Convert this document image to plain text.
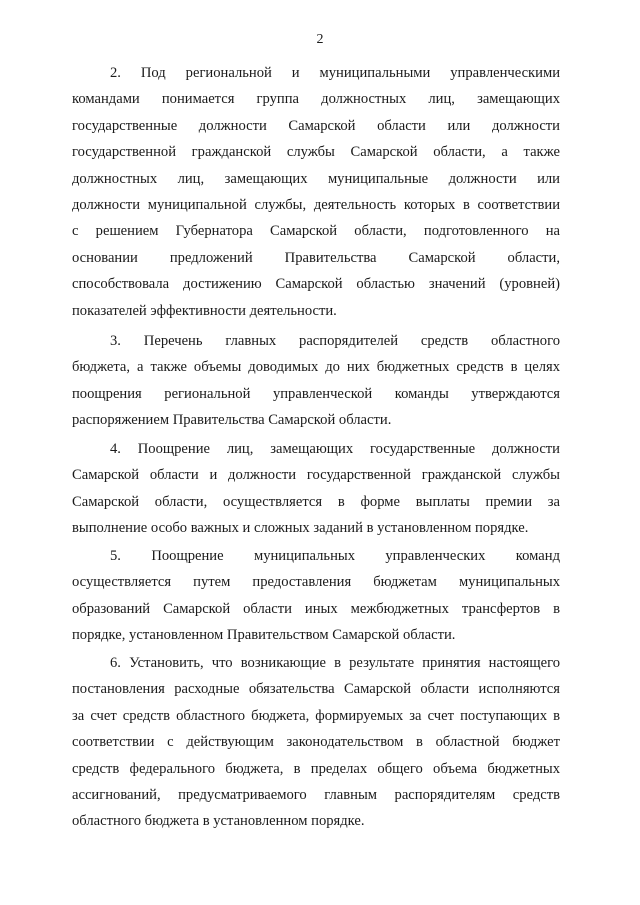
2
2. Под региональной и муниципальными управленческими
командами понимается группа должностных лиц, замещающих
государственные должности Самарской области или должности
государственной гражданской службы Самарской области, а также
должностных лиц, замещающих муниципальные должности или
должности муниципальной службы, деятельность которых в соответствии
с решением Губернатора Самарской области, подготовленного на
основании предложений Правительства Самарской области,
способствовала достижению Самарской областью значений (уровней)
показателей эффективности деятельности.
3. Перечень главных распорядителей средств областного
бюджета, а также объемы доводимых до них бюджетных средств в целях
поощрения региональной управленческой команды утверждаются
распоряжением Правительства Самарской области.
4. Поощрение лиц, замещающих государственные должности
Самарской области и должности государственной гражданской службы
Самарской области, осуществляется в форме выплаты премии за
выполнение особо важных и сложных заданий в установленном порядке.
5. Поощрение муниципальных управленческих команд
осуществляется путем предоставления бюджетам муниципальных
образований Самарской области иных межбюджетных трансфертов в
порядке, установленном Правительством Самарской области.
6. Установить, что возникающие в результате принятия настоящего
постановления расходные обязательства Самарской области исполняются
за счет средств областного бюджета, формируемых за счет поступающих в
соответствии с действующим законодательством в областной бюджет
средств федерального бюджета, в пределах общего объема бюджетных
ассигнований, предусматриваемого главным распорядителям средств
областного бюджета в установленном порядке.
